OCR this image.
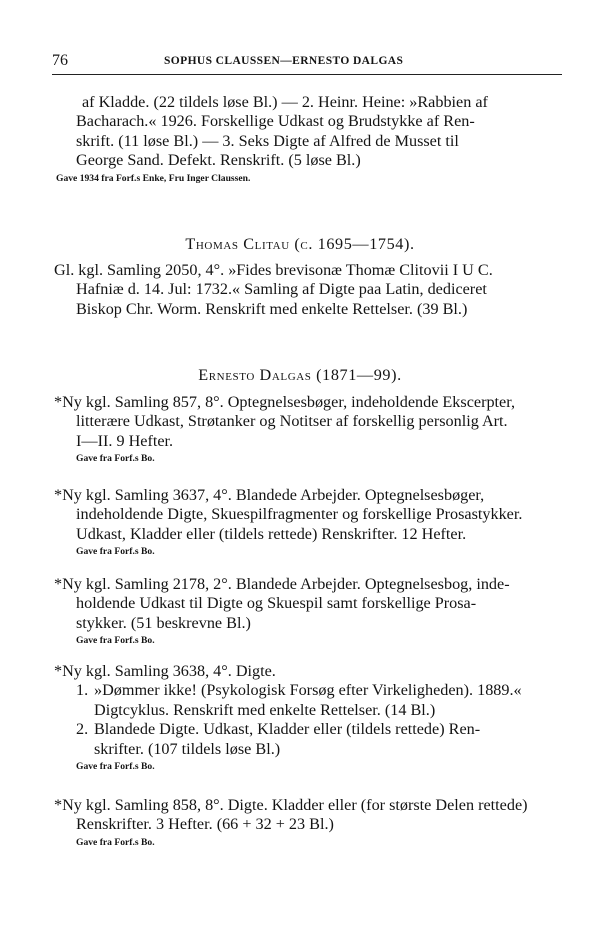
76	SOPHUS CLAUSSEN—ERNESTO DALGAS
af Kladde. (22 tildels løse Bl.) — 2. Heinr. Heine: »Rabbien af
Bacharach.« 1926. Forskellige Udkast og Brudstykke af Ren-
skrift. (11 løse Bl.) — 3. Seks Digte af Alfred de Musset til
George Sand. Defekt. Renskrift. (5 løse Bl.)
Gave 1934 fra Forf.s Enke, Fru Inger Claussen.
Thomas Clitau (c. 1695—1754).
Gl. kgl. Samling 2050, 4°. »Fides brevisonæ Thomæ Clitovii I U C.
Hafniæ d. 14. Jul: 1732.« Samling af Digte paa Latin, dediceret
Biskop Chr. Worm. Renskrift med enkelte Rettelser. (39 Bl.)
Ernesto Dalgas (1871—99).
*Ny kgl. Samling 857, 8°. Optegnelsesbøger, indeholdende Ekscerpter,
litterære Udkast, Strøtanker og Notitser af forskellig personlig Art.
I—II. 9 Hefter.
Gave fra Forf.s Bo.
*Ny kgl. Samling 3637, 4°. Blandede Arbejder. Optegnelsesbøger,
indeholdende Digte, Skuespilfragmenter og forskellige Prosastykker.
Udkast, Kladder eller (tildels rettede) Renskrifter. 12 Hefter.
Gave fra Forf.s Bo.
*Ny kgl. Samling 2178, 2°. Blandede Arbejder. Optegnelsesbog, inde-
holdende Udkast til Digte og Skuespil samt forskellige Prosa-
stykker. (51 beskrevne Bl.)
Gave fra Forf.s Bo.
*Ny kgl. Samling 3638, 4°. Digte.
1. »Dømmer ikke! (Psykologisk Forsøg efter Virkeligheden). 1889.«
Digtcyklus. Renskrift med enkelte Rettelser. (14 Bl.)
2. Blandede Digte. Udkast, Kladder eller (tildels rettede) Ren-
skrifter. (107 tildels løse Bl.)
Gave fra Forf.s Bo.
*Ny kgl. Samling 858, 8°. Digte. Kladder eller (for største Delen rettede)
Renskrifter. 3 Hefter. (66 + 32 + 23 Bl.)
Gave fra Forf.s Bo.
